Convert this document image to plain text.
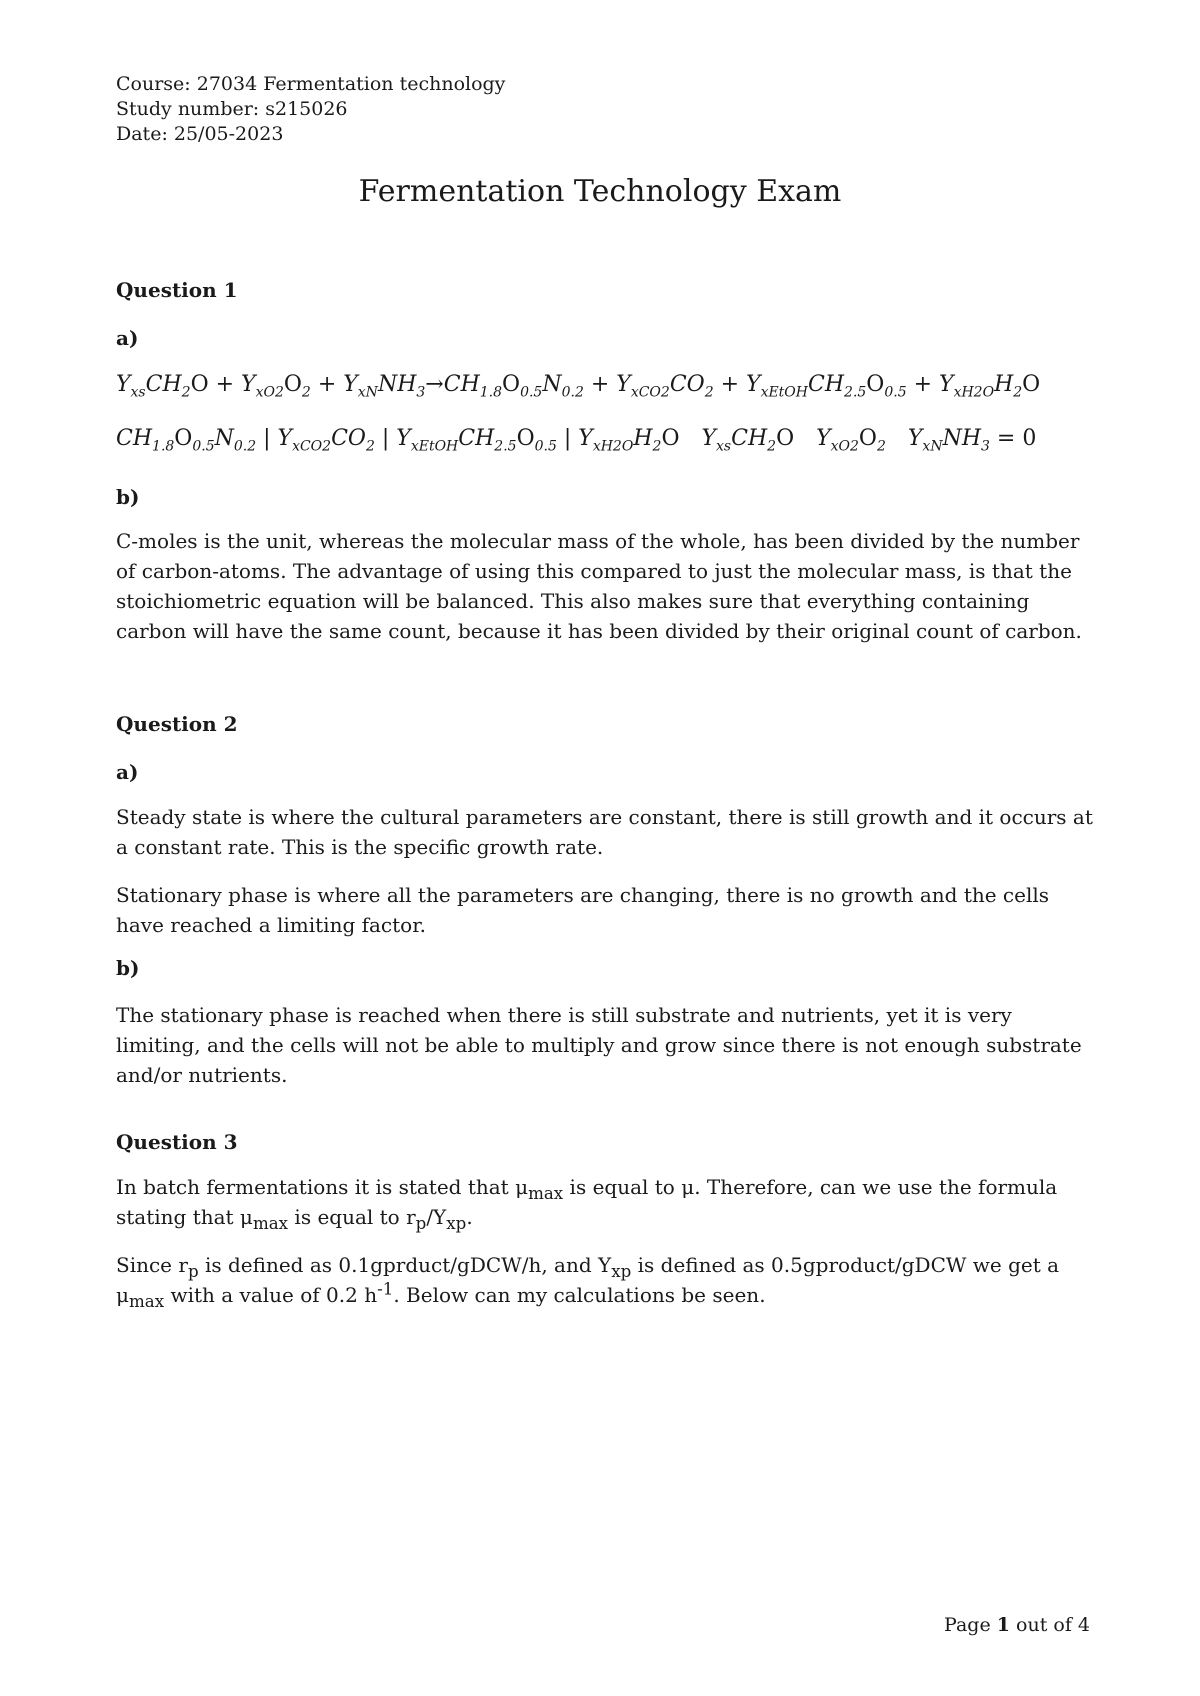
Course: 27034 Fermentation technology
Study number: s215026
Date: 25/05-2023
Fermentation Technology Exam
Question 1
a)
$Y_{xs}CH_2O + Y_{xO2}O_2 + Y_{xN}NH_3\to CH_{1.8}O_{0.5}N_{0.2} + Y_{xCO2}CO_2 + Y_{xEtOH}CH_{2.5}O_{0.5} + Y_{xH2O}H_2O$
$CH_{1.8}O_{0.5}N_{0.2}$ | $Y_{xCO2}CO_2$ | $Y_{xEtOH}CH_{2.5}O_{0.5}$ | $Y_{xH2O}H_2O$ $Y_{xs}CH_2O$ $Y_{xO2}O_2$ $Y_{xN}NH_3 = 0$
b)
C-moles is the unit, whereas the molecular mass of the whole, has been divided by the number of carbon-atoms. The advantage of using this compared to just the molecular mass, is that the stoichiometric equation will be balanced. This also makes sure that everything containing carbon will have the same count, because it has been divided by their original count of carbon.
Question 2
a)
Steady state is where the cultural parameters are constant, there is still growth and it occurs at a constant rate. This is the specific growth rate.
Stationary phase is where all the parameters are changing, there is no growth and the cells have reached a limiting factor.
b)
The stationary phase is reached when there is still substrate and nutrients, yet it is very limiting, and the cells will not be able to multiply and grow since there is not enough substrate and/or nutrients.
Question 3
In batch fermentations it is stated that $\mu_{max}$ is equal to μ. Therefore, can we use the formula stating that $\mu_{max}$ is equal to $r_p/Y_{xp}$.
Since $r_p$ is defined as 0.1gprduct/gDCW/h, and $Y_{xp}$ is defined as 0.5gproduct/gDCW we get a $\mu_{max}$ with a value of 0.2 $h^{-1}$. Below can my calculations be seen.
Page 1 out of 4
